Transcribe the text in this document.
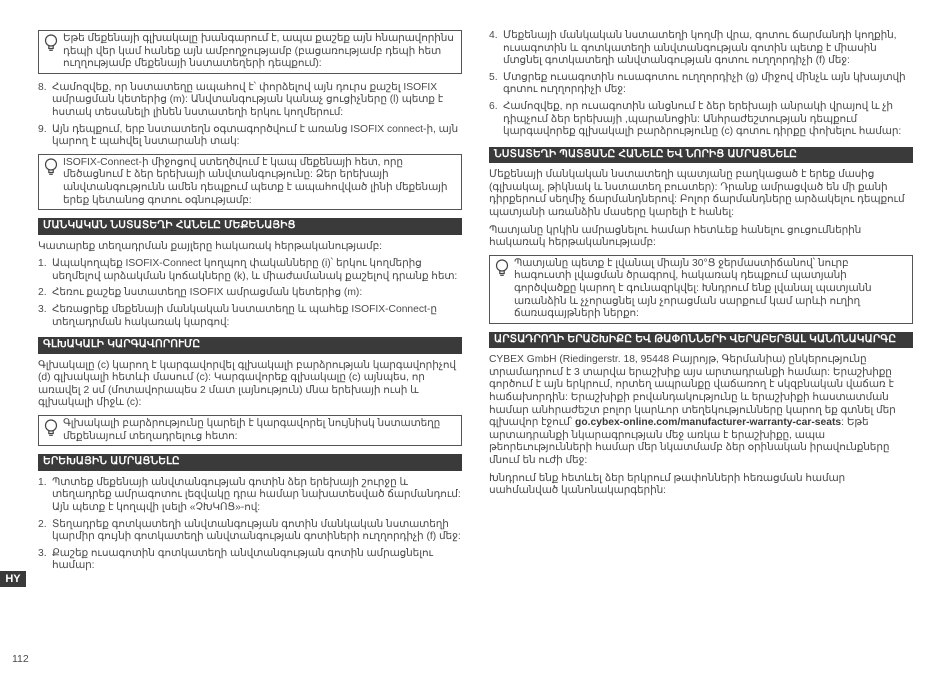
Եթե մեքենայի գլխակալը խանգարում է, ապա քաշեք այն հնարավորինս դեպի վեր կամ հանեք այն ամբողջությամբ (բացառությամբ դեպի հետ ուղղությամբ մեքենայի նստատեղերի դեպքում):
8. Համոզվեք, որ նստատեղը ապահով է՝ փորձելով այն դուրս քաշել ISOFIX ամրացման կետերից (m): Անվտանգության կանաչ ցուցիչները (l) պետք է հստակ տեսանելի լինեն նստատեղի երկու կողմերում:
9. Այն դեպքում, երբ նստատեղն օգտագործվում է առանց ISOFIX connect-ի, այն կարող է պահվել նստարանի տակ:
ISOFIX-Connect-ի միջոցով ստեղծվում է կապ մեքենայի հետ, որը մեծացնում է ձեր երեխայի անվտանգությունը: Ձեր երեխայի անվտանգությունն ամեն դեպքում պետք է ապահովված լինի մեքենայի երեք կետանոց գոտու օգնությամբ:
ՄԱՆԿԱԿԱՆ ՆՍՏԱՏԵՂԻ ՀԱՆԵԼԸ ՄԵՔԵՆԱՅԻՑ

Կատարեք տեղադրման քայլերը հակառակ հերթականությամբ:

1. Ապակողպեք ISOFIX-Connect կողպող փականները (i)՝ երկու կողմերից սեղմելով արձակման կոճակները (k), և միաժամանակ քաշելով դրանք հետ:
2. Հեռու քաշեք նստատեղը ISOFIX ամրացման կետերից (m):
3. Հեռացրեք մեքենայի մանկական նստատեղը և պահեք ISOFIX-Connect-ը տեղադրման հակառակ կարգով:
ԳԼԽԱԿԱԼԻ ԿԱՐԳԱՎՈՐՈՒՄԸ

Գլխակալը (c) կարող է կարգավորվել գլխակալի բարձրության կարգավորիչով (d) գլխակալի հետևի մասում (c): Կարգավորեք գլխակալը (c) այնպես, որ առավել 2 սմ (մոտավորապես 2 մատ լայնություն) մնա երեխայի ուսի և գլխակալի միջև (c):

Գլխակալի բարձրությունը կարելի է կարգավորել նույնիսկ նստատեղը մեքենայում տեղադրելուց հետո:
ԵՐԵԽԱՅԻՆ ԱՄՐԱՑՆԵԼԸ
1. Պտտեք մեքենայի անվտանգության գոտին ձեր երեխայի շուրջը և տեղադրեք ամրագոտու լեզվակը դրա համար նախատեսված ճարմանդում: Այն պետք է կողպվի լսելի «ՉԽԿՈՑ»-ով:
2. Տեղադրեք գոտկատեղի անվտանգության գոտին մանկական նստատեղի կարմիր գույնի գոտկատեղի անվտանգության գոտիների ուղղորդիչի (f) մեջ:
3. Քաշեք ուսագոտին գոտկատեղի անվտանգության գոտին ամրացնելու համար:
4. Մեքենայի մանկական նստատեղի կողմի վրա, գոտու ճարմանդի կողքին, ուսագոտին և գոտկատեղի անվտանգության գոտին պետք է միասին մտցնել գոտկատեղի անվտանգության գոտու ուղղորդիչի (f) մեջ:
5. Մտցրեք ուսագոտին ուսագոտու ուղղորդիչի (g) միջով մինչև այն կխայտվի գոտու ուղղորդիչի մեջ:
6. Համոզվեք, որ ուսագոտին անցնում է ձեր երեխայի անրակի վրայով և չի դիպչում ձեր երեխայի ,պարանոցին: Անհրաժեշտության դեպքում կարգավորեք գլխակալի բարձրությունը (c) գոտու դիրքը փոխելու համար:
ՆՍՏԱՏԵՂԻ ՊԱՏՅԱՆԸ ՀԱՆԵԼԸ ԵՎ ՆՈՐԻՑ ԱՄՐԱՑՆԵԼԸ

Մեքենայի մանկական նստատեղի պատյանը բաղկացած է երեք մասից (գլխակալ, թիկնակ և նստատեղ բուստեր): Դրանք ամրացված են մի քանի դիրքերում սեղմիչ ճարմանդներով: Բոլոր ճարմանդները արձակելու դեպքում պատյանի առանձին մասերը կարելի է հանել:

Պատյանը կրկին ամրացնելու համար հետևեք հանելու ցուցումներին հակառակ հերթականությամբ:

Պատյանը պետք է լվանալ միայն 30°Ց ջերմաստիճանով՝ նուրբ հագուստի լվացման ծրագրով, հակառակ դեպքում պատյանի գործվածքը կարող է գունազրկվել: Խնդրում ենք լվանալ պատյանն առանձին և չչորացնել այն չորացման սարքում կամ արևի ուղիղ ճառագայթների ներքո:
ԱՐՏԱԴՐՈՂԻ ԵՐԱՇԽԻՔԸ ԵՎ ԹԱՓՈՆՆԵՐԻ ՎԵՐԱԲԵՐՅԱԼ ԿԱՆՈՆԱԿԱՐԳԸ

CYBEX GmbH (Riedingerstr. 18, 95448 Բայրոյթ, Գերմանիա) ընկերությունը տրամադրում է 3 տարվա երաշխիք այս արտադրանքի համար: Երաշխիքը գործում է այն երկրում, որտեղ ապրանքը վաճառող է սկզբնական վաճառ է հաճախորդին: Երաշխիքի բովանդակությունը և երաշխիքի հաստատման համար անհրաժեշտ բոլոր կարևոր տեղեկությունները կարող եք գտնել մեր գլխավոր էջում՝ go.cybex-online.com/manufacturer-warranty-car-seats: Եթե արտադրանքի նկարագրության մեջ առկա է երաշխիքը, ապա թեորեւությունների համար մեր նկատմամբ ձեր օրինական իրավունքները մնում են ուժի մեջ:

Խնդրում ենք հետևել ձեր երկրում թափոնների հեռացման համար սահմանված կանոնակարգերին:

HY
112
